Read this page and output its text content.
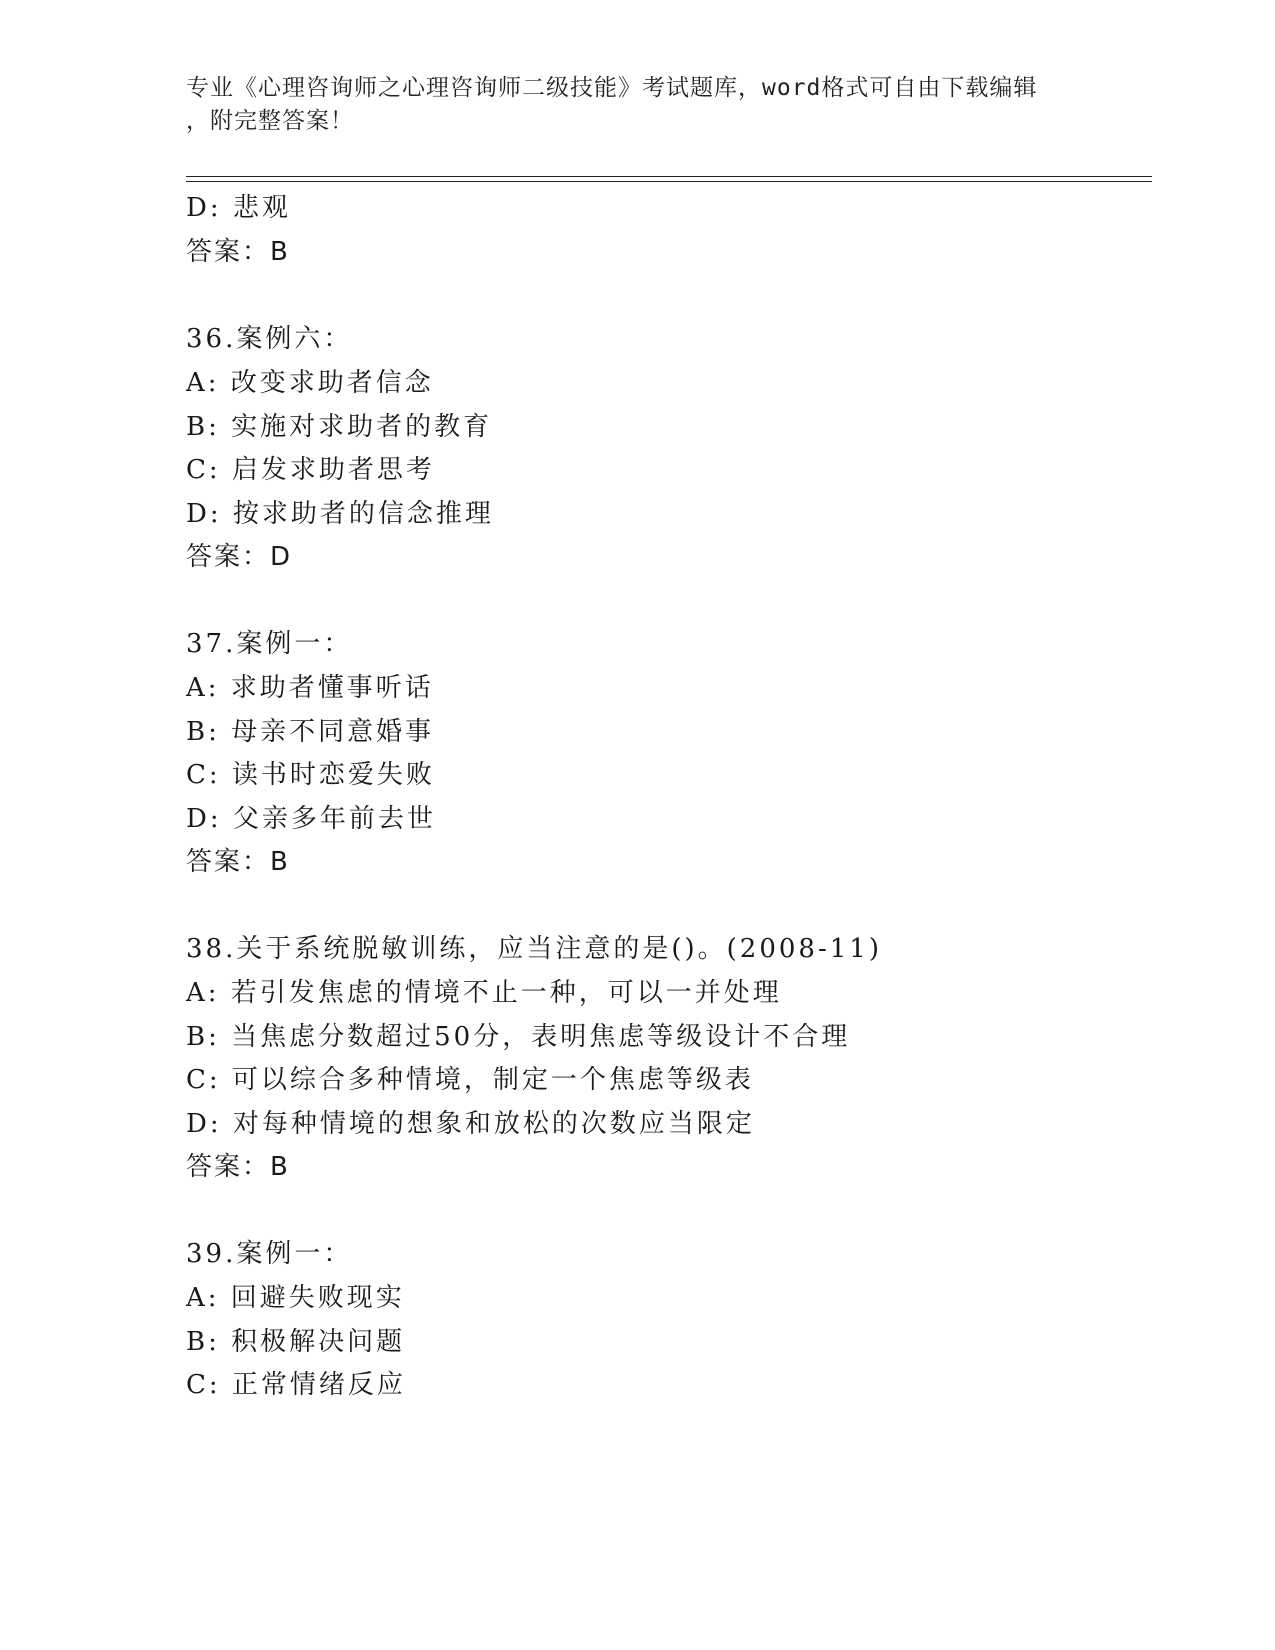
专业《心理咨询师之心理咨询师二级技能》考试题库，word格式可自由下载编辑
，附完整答案！
D: 悲观
答案：B
36.案例六：
A: 改变求助者信念
B: 实施对求助者的教育
C: 启发求助者思考
D: 按求助者的信念推理
答案：D
37.案例一：
A: 求助者懂事听话
B: 母亲不同意婚事
C: 读书时恋爱失败
D: 父亲多年前去世
答案：B
38.关于系统脱敏训练，应当注意的是()。(2008-11)
A: 若引发焦虑的情境不止一种，可以一并处理
B: 当焦虑分数超过50分，表明焦虑等级设计不合理
C: 可以综合多种情境，制定一个焦虑等级表
D: 对每种情境的想象和放松的次数应当限定
答案：B
39.案例一：
A: 回避失败现实
B: 积极解决问题
C: 正常情绪反应
